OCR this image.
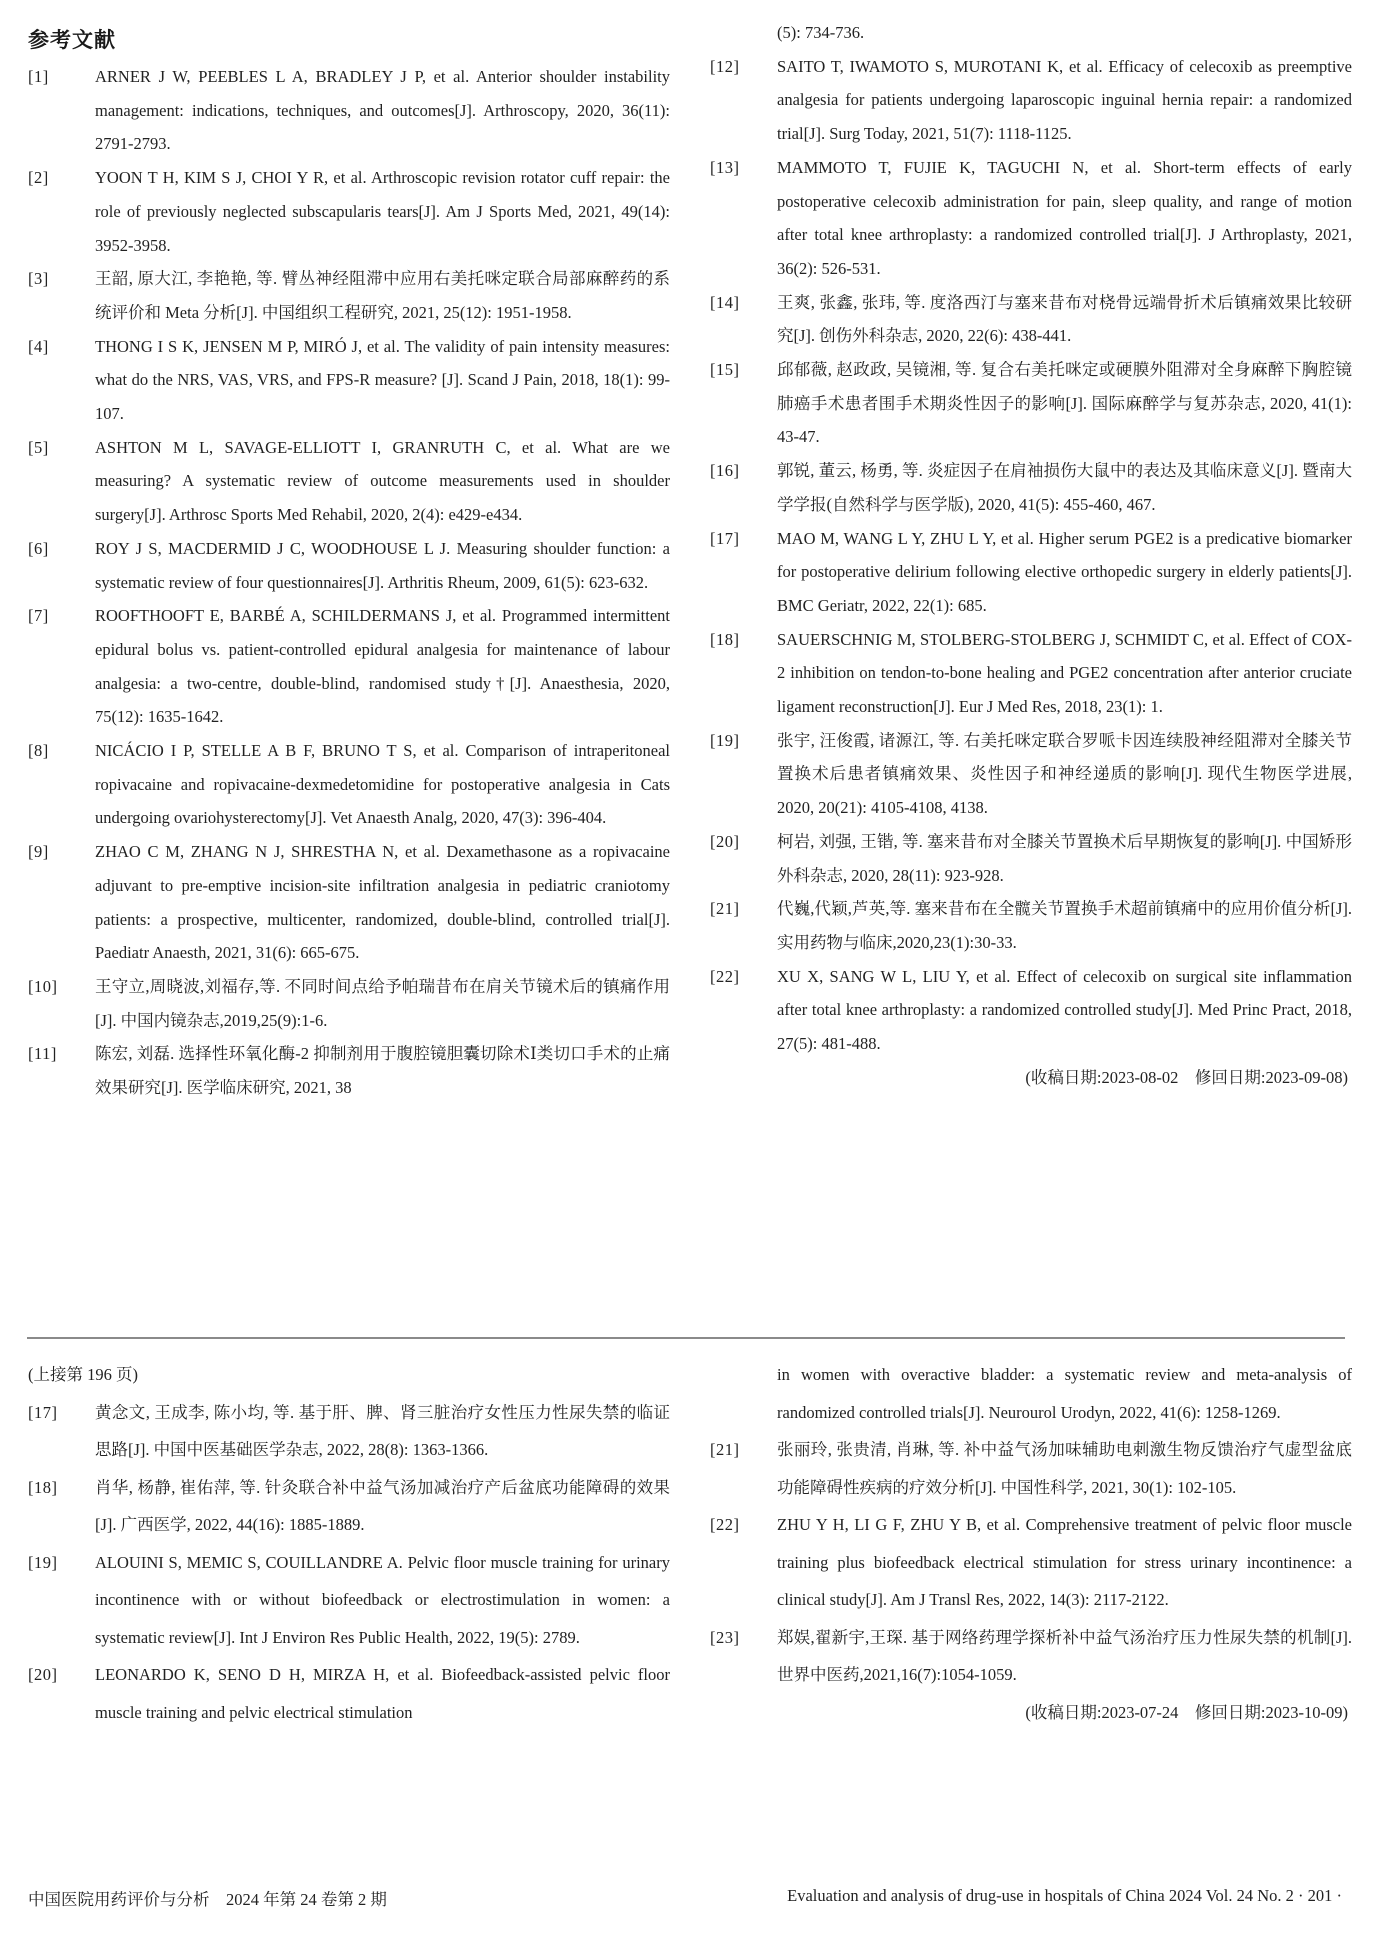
参考文献
[1]	ARNER J W, PEEBLES L A, BRADLEY J P, et al. Anterior shoulder instability management: indications, techniques, and outcomes[J]. Arthroscopy, 2020, 36(11): 2791-2793.
[2]	YOON T H, KIM S J, CHOI Y R, et al. Arthroscopic revision rotator cuff repair: the role of previously neglected subscapularis tears[J]. Am J Sports Med, 2021, 49(14): 3952-3958.
[3]	王韶, 原大江, 李艳艳, 等. 臂丛神经阻滞中应用右美托咪定联合局部麻醉药的系统评价和 Meta 分析[J]. 中国组织工程研究, 2021, 25(12): 1951-1958.
[4]	THONG I S K, JENSEN M P, MIRÓ J, et al. The validity of pain intensity measures: what do the NRS, VAS, VRS, and FPS-R measure? [J]. Scand J Pain, 2018, 18(1): 99-107.
[5]	ASHTON M L, SAVAGE-ELLIOTT I, GRANRUTH C, et al. What are we measuring? A systematic review of outcome measurements used in shoulder surgery[J]. Arthrosc Sports Med Rehabil, 2020, 2(4): e429-e434.
[6]	ROY J S, MACDERMID J C, WOODHOUSE L J. Measuring shoulder function: a systematic review of four questionnaires[J]. Arthritis Rheum, 2009, 61(5): 623-632.
[7]	ROOFTHOOFT E, BARBÉ A, SCHILDERMANS J, et al. Programmed intermittent epidural bolus vs. patient-controlled epidural analgesia for maintenance of labour analgesia: a two-centre, double-blind, randomised study†[J]. Anaesthesia, 2020, 75(12): 1635-1642.
[8]	NICÁCIO I P, STELLE A B F, BRUNO T S, et al. Comparison of intraperitoneal ropivacaine and ropivacaine-dexmedetomidine for postoperative analgesia in Cats undergoing ovariohysterectomy[J]. Vet Anaesth Analg, 2020, 47(3): 396-404.
[9]	ZHAO C M, ZHANG N J, SHRESTHA N, et al. Dexamethasone as a ropivacaine adjuvant to pre-emptive incision-site infiltration analgesia in pediatric craniotomy patients: a prospective, multicenter, randomized, double-blind, controlled trial[J]. Paediatr Anaesth, 2021, 31(6): 665-675.
[10]	王守立,周晓波,刘福存,等. 不同时间点给予帕瑞昔布在肩关节镜术后的镇痛作用[J]. 中国内镜杂志,2019,25(9):1-6.
[11]	陈宏, 刘磊. 选择性环氧化酶-2 抑制剂用于腹腔镜胆囊切除术Ⅰ类切口手术的止痛效果研究[J]. 医学临床研究, 2021, 38
(5): 734-736.
[12]	SAITO T, IWAMOTO S, MUROTANI K, et al. Efficacy of celecoxib as preemptive analgesia for patients undergoing laparoscopic inguinal hernia repair: a randomized trial[J]. Surg Today, 2021, 51(7): 1118-1125.
[13]	MAMMOTO T, FUJIE K, TAGUCHI N, et al. Short-term effects of early postoperative celecoxib administration for pain, sleep quality, and range of motion after total knee arthroplasty: a randomized controlled trial[J]. J Arthroplasty, 2021, 36(2): 526-531.
[14]	王爽, 张鑫, 张玮, 等. 度洛西汀与塞来昔布对桡骨远端骨折术后镇痛效果比较研究[J]. 创伤外科杂志, 2020, 22(6): 438-441.
[15]	邱郁薇, 赵政政, 吴镜湘, 等. 复合右美托咪定或硬膜外阻滞对全身麻醉下胸腔镜肺癌手术患者围手术期炎性因子的影响[J]. 国际麻醉学与复苏杂志, 2020, 41(1): 43-47.
[16]	郭锐, 董云, 杨勇, 等. 炎症因子在肩袖损伤大鼠中的表达及其临床意义[J]. 暨南大学学报(自然科学与医学版), 2020, 41(5): 455-460, 467.
[17]	MAO M, WANG L Y, ZHU L Y, et al. Higher serum PGE2 is a predicative biomarker for postoperative delirium following elective orthopedic surgery in elderly patients[J]. BMC Geriatr, 2022, 22(1): 685.
[18]	SAUERSCHNIG M, STOLBERG-STOLBERG J, SCHMIDT C, et al. Effect of COX-2 inhibition on tendon-to-bone healing and PGE2 concentration after anterior cruciate ligament reconstruction[J]. Eur J Med Res, 2018, 23(1): 1.
[19]	张宇, 汪俊霞, 诸源江, 等. 右美托咪定联合罗哌卡因连续股神经阻滞对全膝关节置换术后患者镇痛效果、炎性因子和神经递质的影响[J]. 现代生物医学进展, 2020, 20(21): 4105-4108, 4138.
[20]	柯岩, 刘强, 王锴, 等. 塞来昔布对全膝关节置换术后早期恢复的影响[J]. 中国矫形外科杂志, 2020, 28(11): 923-928.
[21]	代巍,代颖,芦英,等. 塞来昔布在全髋关节置换手术超前镇痛中的应用价值分析[J]. 实用药物与临床,2020,23(1):30-33.
[22]	XU X, SANG W L, LIU Y, et al. Effect of celecoxib on surgical site inflammation after total knee arthroplasty: a randomized controlled study[J]. Med Princ Pract, 2018, 27(5): 481-488.
(收稿日期:2023-08-02　修回日期:2023-09-08)
(上接第 196 页)
[17]	黄念文, 王成李, 陈小均, 等. 基于肝、脾、肾三脏治疗女性压力性尿失禁的临证思路[J]. 中国中医基础医学杂志, 2022, 28(8): 1363-1366.
[18]	肖华, 杨静, 崔佑萍, 等. 针灸联合补中益气汤加减治疗产后盆底功能障碍的效果[J]. 广西医学, 2022, 44(16): 1885-1889.
[19]	ALOUINI S, MEMIC S, COUILLANDRE A. Pelvic floor muscle training for urinary incontinence with or without biofeedback or electrostimulation in women: a systematic review[J]. Int J Environ Res Public Health, 2022, 19(5): 2789.
[20]	LEONARDO K, SENO D H, MIRZA H, et al. Biofeedback-assisted pelvic floor muscle training and pelvic electrical stimulation
in women with overactive bladder: a systematic review and meta-analysis of randomized controlled trials[J]. Neurourol Urodyn, 2022, 41(6): 1258-1269.
[21]	张丽玲, 张贵清, 肖琳, 等. 补中益气汤加味辅助电刺激生物反馈治疗气虚型盆底功能障碍性疾病的疗效分析[J]. 中国性科学, 2021, 30(1): 102-105.
[22]	ZHU Y H, LI G F, ZHU Y B, et al. Comprehensive treatment of pelvic floor muscle training plus biofeedback electrical stimulation for stress urinary incontinence: a clinical study[J]. Am J Transl Res, 2022, 14(3): 2117-2122.
[23]	郑娱,翟新宇,王琛. 基于网络药理学探析补中益气汤治疗压力性尿失禁的机制[J]. 世界中医药,2021,16(7):1054-1059.
(收稿日期:2023-07-24　修回日期:2023-10-09)
中国医院用药评价与分析　2024 年第 24 卷第 2 期	Evaluation and analysis of drug-use in hospitals of China 2024 Vol. 24 No. 2 · 201 ·
